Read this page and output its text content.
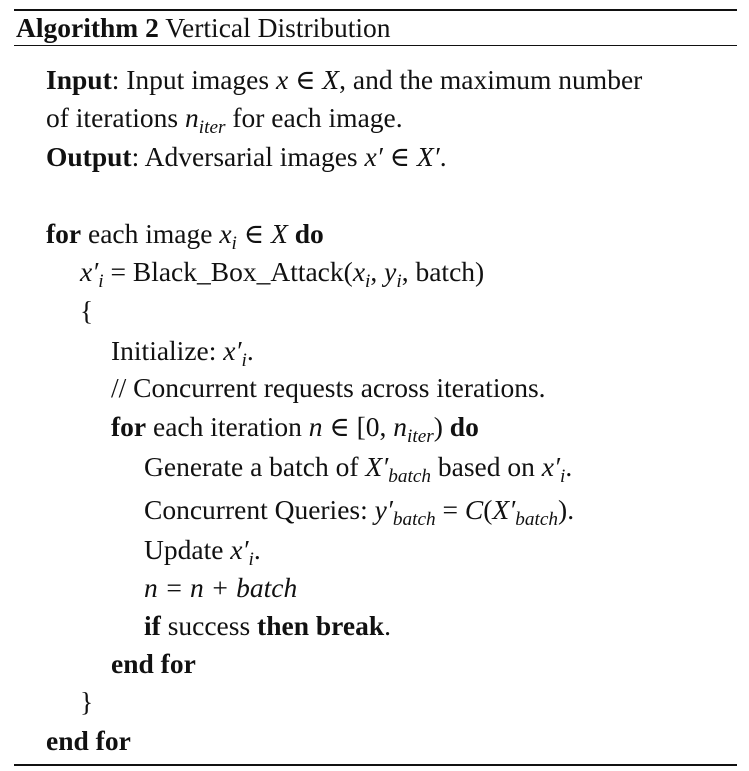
Algorithm 2 Vertical Distribution
Input: Input images x ∈ X, and the maximum number
of iterations $n_{iter}$ for each image.
Output: Adversarial images x′ ∈ X′.
for each image $x_i$ ∈ X do
$x'_i$ = $Black\_Box\_Attack(x_i$, $y_i$, batch)
{
Initialize: $x'_i$.
// Concurrent requests across iterations.
for each iteration n ∈ [0, $n_{iter}$) do
Generate a batch of $X'_{batch}$ based on $x'_i$.
Concurrent Queries: $y'_{batch} = C(X'_{batch})$.
Update $x'_i$.
n = n + batch
if success then break.
end for
}
end for
